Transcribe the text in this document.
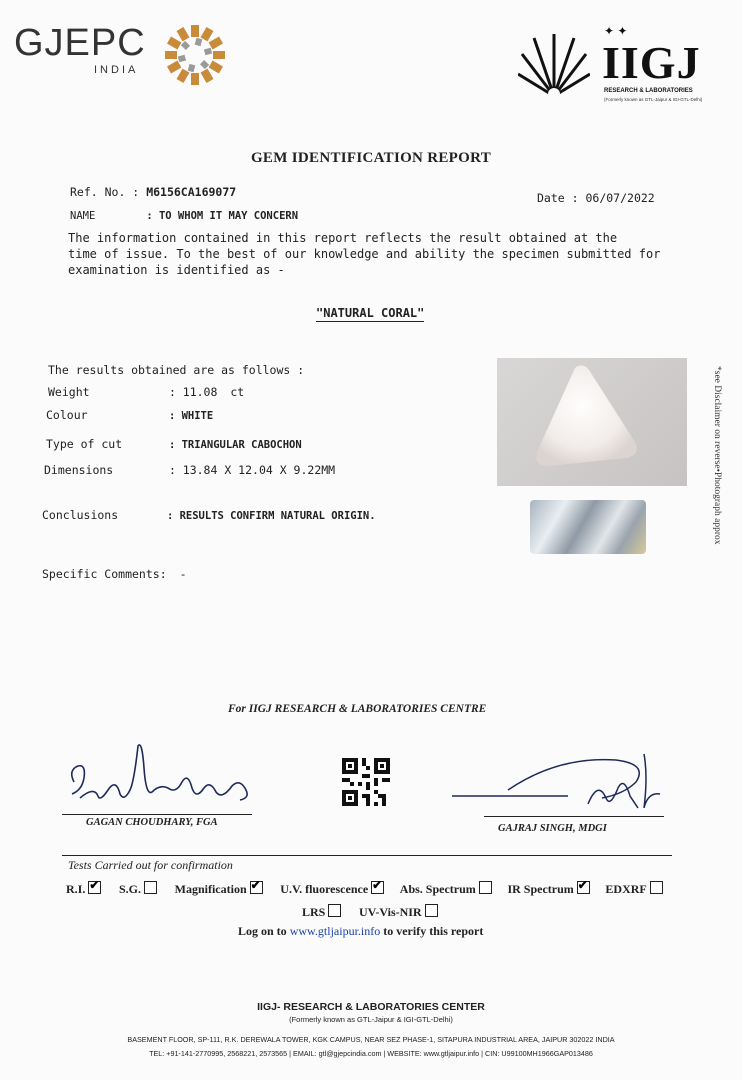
GJEPC
INDIA	IIGJ
✦ ✦
RESEARCH & LABORATORIES
(Formerly known as GTL-Jaipur & IGI-GTL-Delhi)
GEM IDENTIFICATION REPORT
Ref. No. : M6156CA169077	Date : 06/07/2022
NAME	: TO WHOM IT MAY CONCERN
The information contained in this report reflects the result obtained at the
time of issue. To the best of our knowledge and ability the specimen submitted for
examination is identified as -
"NATURAL CORAL"
The results obtained are as follows :
Weight	: 11.08 ct
Colour	: WHITE
Type of cut	: TRIANGULAR CABOCHON
Dimensions	: 13.84 X 12.04 X 9.22MM
Conclusions	: RESULTS CONFIRM NATURAL ORIGIN.
Specific Comments: -
*see Disclaimer on reverse•Photograph approx
For IIGJ RESEARCH & LABORATORIES CENTRE
GAGAN CHOUDHARY, FGA
GAJRAJ SINGH, MDGI
Tests Carried out for confirmation
R.I. ✔	S.G.	Magnification ✔	U.V. fluorescence ✔	Abs. Spectrum	IR Spectrum ✔	EDXRF
LRS	UV-Vis-NIR
Log on to www.gtljaipur.info to verify this report
IIGJ- RESEARCH & LABORATORIES CENTER
(Formerly known as GTL-Jaipur & IGI-GTL-Delhi)
BASEMENT FLOOR, SP-111, R.K. DEREWALA TOWER, KGK CAMPUS, NEAR SEZ PHASE-1, SITAPURA INDUSTRIAL AREA, JAIPUR 302022 INDIA
TEL: +91-141-2770995, 2568221, 2573565 | EMAIL: gtl@gjepcindia.com | WEBSITE: www.gtljaipur.info | CIN: U99100MH1966GAP013486
